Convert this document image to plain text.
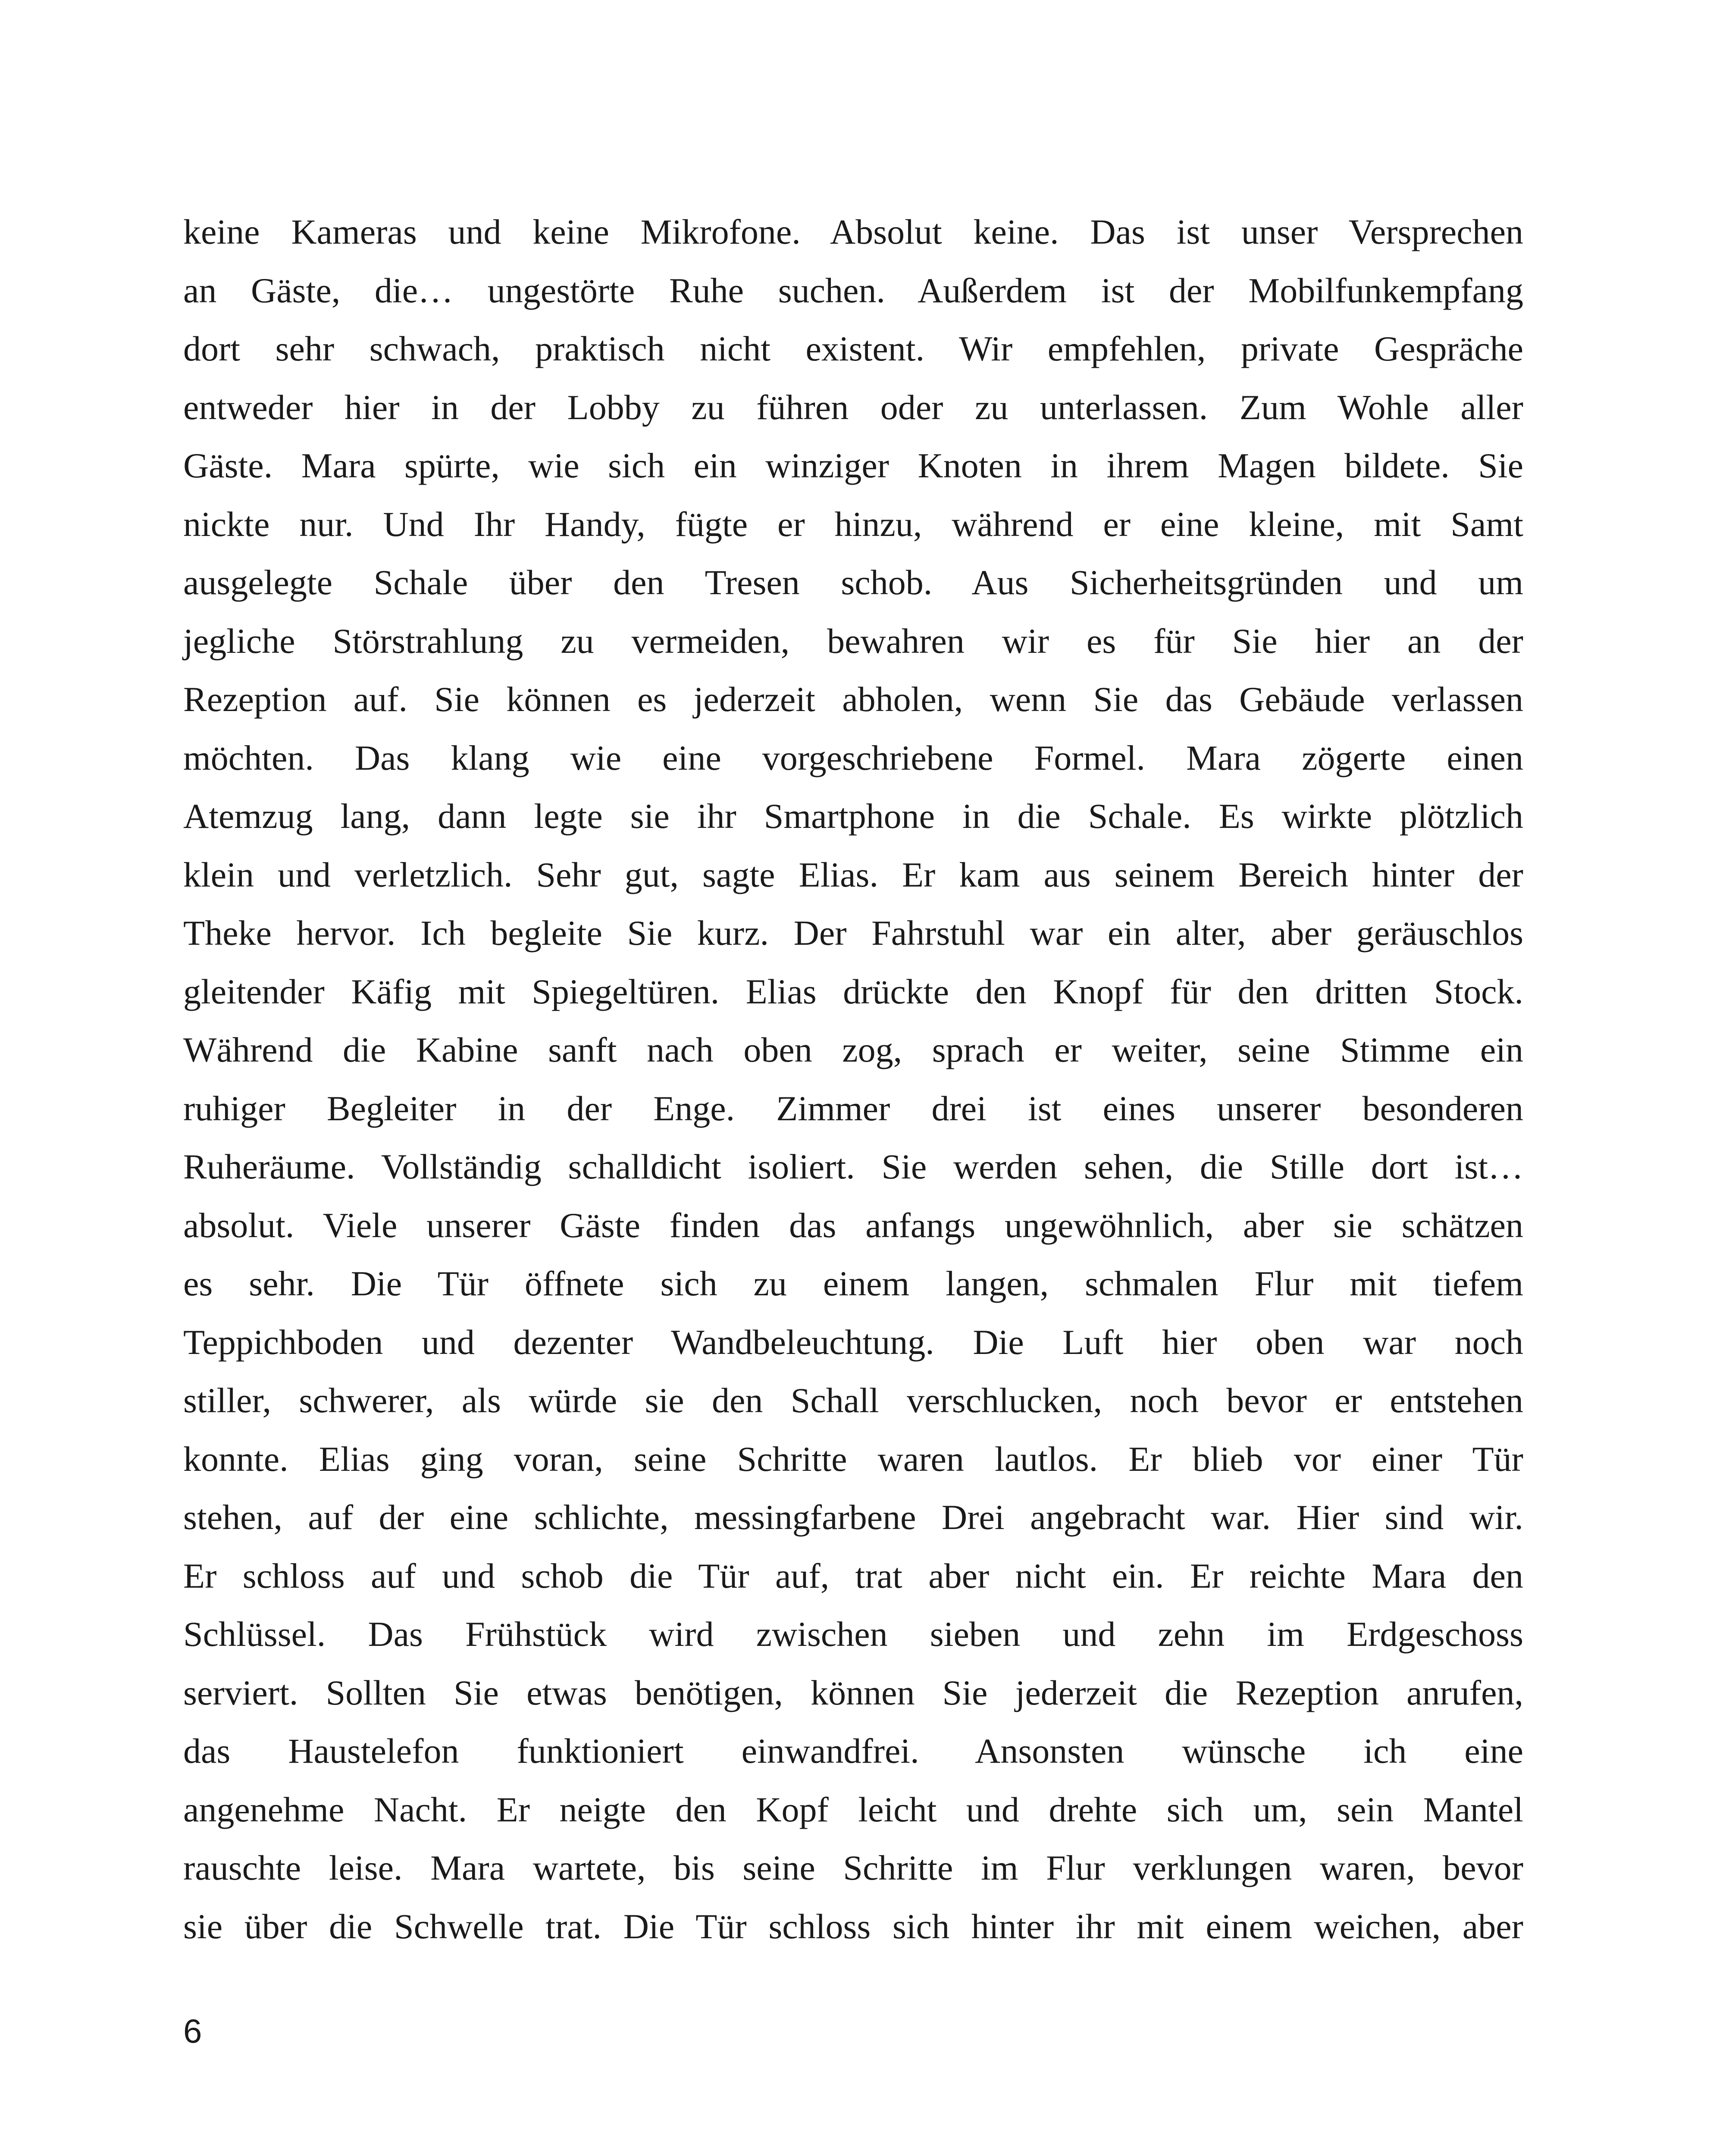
keine Kameras und keine Mikrofone. Absolut keine. Das ist unser Versprechen
an Gäste, die… ungestörte Ruhe suchen. Außerdem ist der Mobilfunkempfang
dort sehr schwach, praktisch nicht existent. Wir empfehlen, private Gespräche
entweder hier in der Lobby zu führen oder zu unterlassen. Zum Wohle aller
Gäste. Mara spürte, wie sich ein winziger Knoten in ihrem Magen bildete. Sie
nickte nur. Und Ihr Handy, fügte er hinzu, während er eine kleine, mit Samt
ausgelegte Schale über den Tresen schob. Aus Sicherheitsgründen und um
jegliche Störstrahlung zu vermeiden, bewahren wir es für Sie hier an der
Rezeption auf. Sie können es jederzeit abholen, wenn Sie das Gebäude verlassen
möchten. Das klang wie eine vorgeschriebene Formel. Mara zögerte einen
Atemzug lang, dann legte sie ihr Smartphone in die Schale. Es wirkte plötzlich
klein und verletzlich. Sehr gut, sagte Elias. Er kam aus seinem Bereich hinter der
Theke hervor. Ich begleite Sie kurz. Der Fahrstuhl war ein alter, aber geräuschlos
gleitender Käfig mit Spiegeltüren. Elias drückte den Knopf für den dritten Stock.
Während die Kabine sanft nach oben zog, sprach er weiter, seine Stimme ein
ruhiger Begleiter in der Enge. Zimmer drei ist eines unserer besonderen
Ruheräume. Vollständig schalldicht isoliert. Sie werden sehen, die Stille dort ist…
absolut. Viele unserer Gäste finden das anfangs ungewöhnlich, aber sie schätzen
es sehr. Die Tür öffnete sich zu einem langen, schmalen Flur mit tiefem
Teppichboden und dezenter Wandbeleuchtung. Die Luft hier oben war noch
stiller, schwerer, als würde sie den Schall verschlucken, noch bevor er entstehen
konnte. Elias ging voran, seine Schritte waren lautlos. Er blieb vor einer Tür
stehen, auf der eine schlichte, messingfarbene Drei angebracht war. Hier sind wir.
Er schloss auf und schob die Tür auf, trat aber nicht ein. Er reichte Mara den
Schlüssel. Das Frühstück wird zwischen sieben und zehn im Erdgeschoss
serviert. Sollten Sie etwas benötigen, können Sie jederzeit die Rezeption anrufen,
das Haustelefon funktioniert einwandfrei. Ansonsten wünsche ich eine
angenehme Nacht. Er neigte den Kopf leicht und drehte sich um, sein Mantel
rauschte leise. Mara wartete, bis seine Schritte im Flur verklungen waren, bevor
sie über die Schwelle trat. Die Tür schloss sich hinter ihr mit einem weichen, aber
6
